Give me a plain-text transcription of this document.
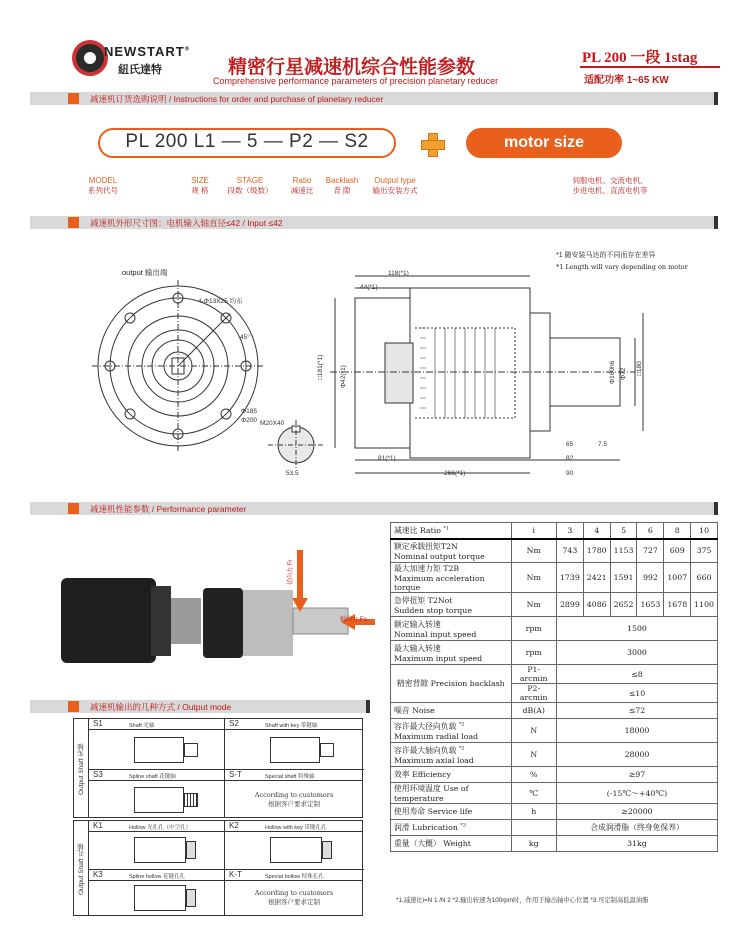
NEWSTART®
紐氏達特	精密行星减速机综合性能参数
Comprehensive performance parameters of precision planetary reducer
PL 200 一段 1stag
适配功率 1~65 KW
减速机订货选购说明 / Instructions for order and purchase of planetary reducer
PL 200 L1 — 5 — P2 — S2	motor size
MODEL
系列代号
SIZE
规 格
STAGE
段数（级数）
Ratio
减速比
Backlash
背 隙
Output type
输出安装方式
伺服电机、交流电机、
步进电机、直流电机等
减速机外形尺寸图：电机输入轴直径≤42 / Input ≤42
*1 随安装马达的不同而存在差异
*1 Length will vary depending on motor
output 输出端
4-Φ13X25 均布
45°
Φ185
Φ200 M20X40
53.5
118(*1)
44(*1)
81(*1)
266(*1)	90
65	7.5
82
□181(*1) Φ42(*1)	□180
Φ160h6 Φ72
减速机性能参数 / Performance parameter
径向力 Fr
轴向力 Fa
减速比 Ratio $^{*1}$	i	3	4	5	6	8	10

额定承载扭矩T2N
Nominal output torque	Nm	743	1780	1153	727	609	375

最大加速力矩 T2B
Maximum acceleration torque	Nm	1739	2421	1591	992	1007	660

急停扭矩 T2Not
Sudden stop torque	Nm	2899	4086	2652	1653	1678	1100

额定输入转速
Nominal input speed	rpm	1500					

最大输入转速
Maximum input speed	rpm	3000					
精密背隙 Precision backlash	P1-arcmin	≤8					
	P2-arcmin	≤10					
噪音 Noise	dB(A)	≤72					

容许最大径向负载 $^{*2}$
Maximum radial load	N	18000					

容许最大轴向负载 $^{*2}$
Maximum axial load	N	28000					
效率 Efficiency	%	≥97					
使用环境温度 Use of temperature	℃	(-15℃～+40℃)					
使用寿命 Service life	h	≥20000					
润滑 Lubrication $^{*3}$		合成润滑脂（终身免保养）					
重量（大概） Weight	kg	31kg					
*1.减速比i=N 1 /N 2 *2.输出转速为100rpm时，作用于输出轴中心位置 *3.可定制高低温油脂
减速机输出的几种方式 / Output mode
Output Shaft 实轴
S1	Shaft 光轴	S2	Shaft with key 带键轴
S3	Spline shaft 花键轴	S-T	Special shaft 特殊轴
According to customers
根据客户要求定制
Output Shaft 孔轴
K1	Hollow 光孔孔（中空孔）	K2	Hollow with key 带键孔孔
K3	Spline hollow 花键孔孔	K-T	Special hollow 特殊孔孔
According to customers
根据客户要求定制
